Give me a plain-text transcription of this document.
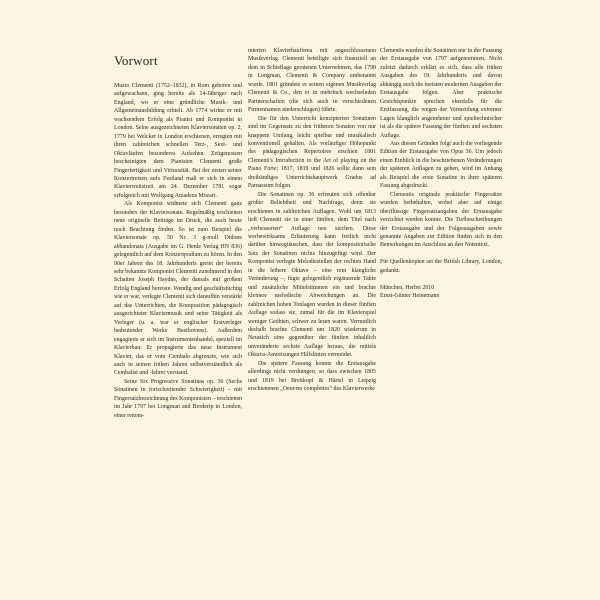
Vorwort

Muzio Clementi (1752–1832), in Rom geboren und aufgewachsen, ging bereits als 14-Jähriger nach England, wo er eine gründliche Musik- und Allgemeinausbildung erhielt. Ab 1774 wirkte er mit wachsendem Erfolg als Pianist und Komponist in London. Seine ausgezeichneten Klaviersonaten op. 2, 1779 bei Welcker in London erschienen, erregten mit ihren zahlreichen schnellen Terz-, Sext- und Oktavläufen besonderes Aufsehen. Zeitgenossen bescheinigten dem Pianisten Clementi große Fingerfertigkeit und Virtuosität. Bei der ersten seiner Konzertreisen aufs Festland maß er sich in einem Klavierwettstreit am 24. Dezember 1781 sogar erfolgreich mit Wolfgang Amadeus Mozart.

Als Komponist widmete sich Clementi ganz besonders der Klaviersonate. Regelmäßig erschienen neue originelle Beiträge im Druck, die auch heute noch Beachtung finden. So ist zum Beispiel die Klaviersonate op. 50 Nr. 3 g-moll Didone abbandonata (Ausgabe im G. Henle Verlag HN 836) gelegentlich auf dem Konzertpodium zu hören. In den 90er Jahren des 18. Jahrhunderts geriet der bereits sehr bekannte Komponist Clementi zunehmend in den Schatten Joseph Haydns, der damals mit großem Erfolg England bereiste. Wendig und geschäftstüchtig wie er war, verlegte Clementi sich daraufhin verstärkt auf das Unterrichten, die Komposition pädagogisch ausgerichteter Klaviermusik und seine Tätigkeit als Verleger (u. a. war er englischer Erstverleger bedeutender Werke Beethovens). Außerdem engagierte er sich im Instrumentenhandel, speziell im Klavierbau: Er propagierte das neue Instrument Klavier, das er vom Cembalo abgrenzte, wie sich auch in seinen frühen Jahren selbstverständlich als Cembalist und -lehrer verstand.

Seine Six Progressive Sonatinas op. 36 (Sechs Sonatinen in fortschreitender Schwierigkeit) – mit Fingersatzbezeichnung des Komponisten – erschienen im Jahr 1797 bei Longman and Broderip in London, einer renom-

mierten Klavierbaufirma mit angeschlossenem Musikverlag. Clementi beteiligte sich finanziell an dem in Schieflage geratenen Unternehmen, das 1798 in Longman, Clementi & Company umbenannt wurde. 1801 gründete er seinen eigenen Musikverlag Clementi & Co., den er in mehrfach wechselnden Partnerschaften (die sich auch in verschiedenen Firmennamen niederschlugen) führte.

Die für den Unterricht konzipierten Sonatinen sind im Gegensatz zu den früheren Sonaten von nur knappem Umfang, leicht spielbar und musikalisch konventionell gehalten. Als vorläufiger Höhepunkt des pädagogischen Repertoires erschien 1801 Clementi's Introduction to the Art of playing on the Piano Forte; 1817, 1819 und 1826 sollte dann sein dreibändiges Unterrichtshauptwerk Gradus ad Parnassum folgen.

Die Sonatinen op. 36 erfreuten sich offenbar großer Beliebtheit und Nachfrage, denn sie erschienen in zahlreichen Auflagen. Wohl um 1813 ließ Clementi sie in einer fünften, dem Titel nach „verbesserten“ Auflage neu stechen. Diese werbewirksame Erläuterung kann freilich nicht darüber hinwegtäuschen, dass der kompositorische Satz der Sonatinen nichts hinzugefügt wird. Der Komponist verlegte Melodiestellen der rechten Hand in die höhere Oktave – eine rein klangliche Veränderung –, fügte gelegentlich ergänzende Takte und zusätzliche Mittelstimmen ein und brachte kleinere melodische Abweichungen an. Die zahlreichen hohen Tonlagen wurden in dieser fünften Auflage sodass sie, zumal für die im Klavierspiel weniger Geübten, schwer zu lesen waren. Vermutlich deshalb brachte Clementi um 1820 wiederum in Neustich eine gegenüber der fünften inhaltlich unveränderte sechste Auflage heraus, die mittels Oktava-Anweisungen Hilfslinien vermeidet.

Die spätere Fassung konnte die Erstausgabe allerdings nicht verdrängen, so dass zwischen 1805 und 1819 bei Breitkopf & Härtel in Leipzig erschienenen „Oeuvres complettes“ des Klavierwerke

Clementis wurden die Sonatinen nur in der Fassung der Erstausgabe von 1797 aufgenommen. Nicht zuletzt dadurch erklärt es sich, dass alle frühen Ausgaben des 19. Jahrhunderts und davon abhängig auch die meisten modernen Ausgaben der Erstausgabe folgen. Aber praktische Gesichtspunkte sprechen ebenfalls für die Erstfassung, die wegen der Vermeidung extremer Lagen klanglich angenehmer und spieltechnischer ist als die spätere Fassung der fünften und sechsten Auflage.

Aus diesen Gründen folgt auch die vorliegende Edition der Erstausgabe von Opus 36. Um jedoch einen Einblick in die beschriebenen Veränderungen der späteren Auflagen zu geben, wird im Anhang als Beispiel die erste Sonatine in ihrer späteren Fassung abgedruckt.

Clementis originale praktische Fingersätze wurden beibehalten, wobei aber auf einige überflüssige Fingersatzangaben der Erstausgabe verzichtet werden konnte. Die Tiefbeschreibungen der Erstausgabe und der Folgeausgaben sowie genannte Angaben zur Edition finden sich in den Bemerkungen im Anschluss an den Notentext.

Für Quellenkopien sei der British Library, London, gedankt.

München, Herbst 2010

Ernst-Günter Heinemann
